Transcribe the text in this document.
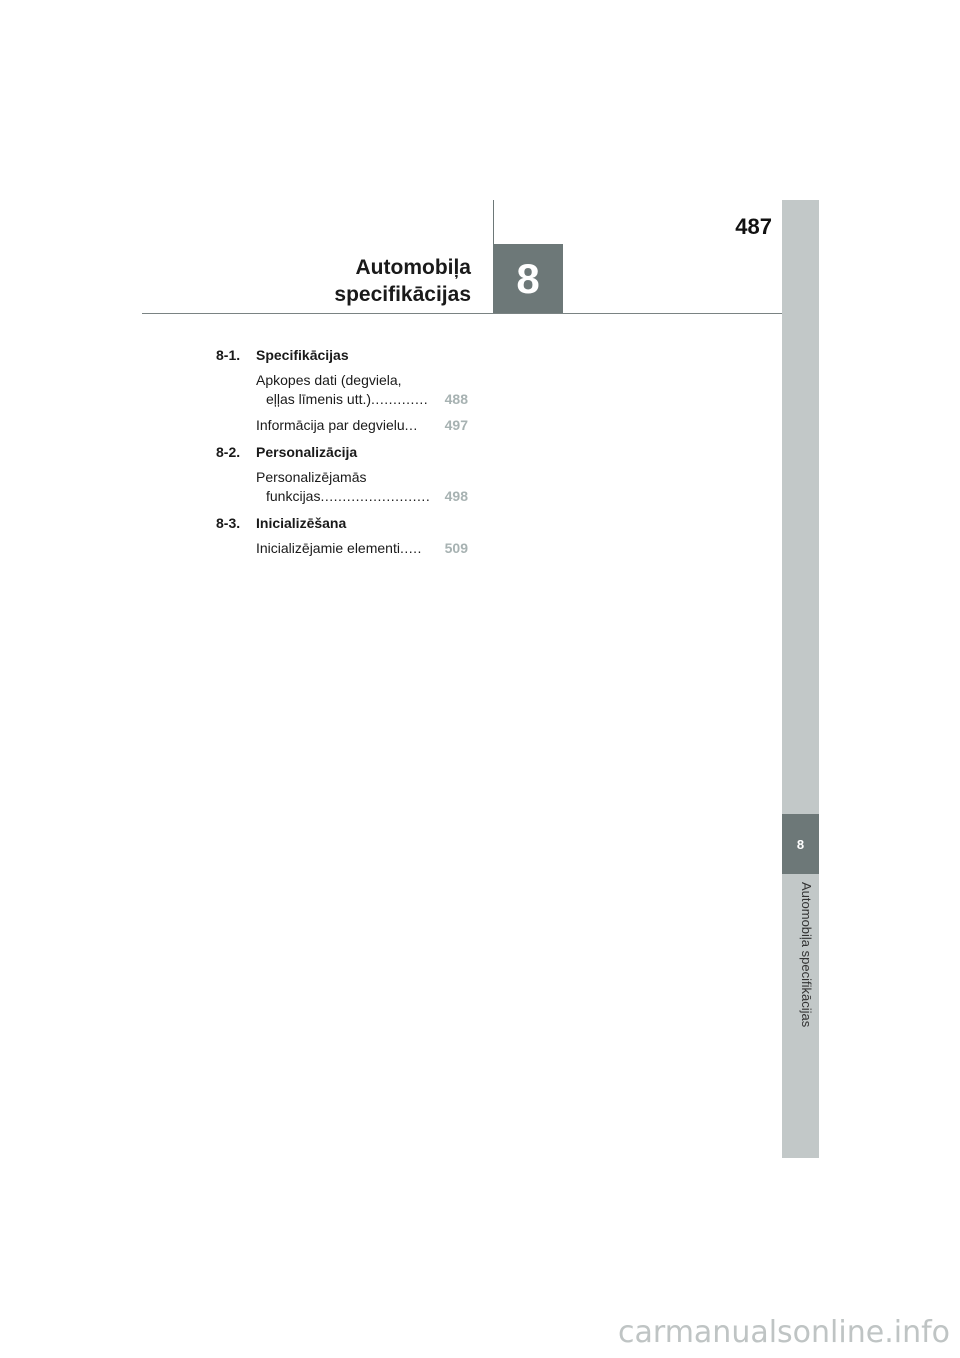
8
Automobiļa specifikācijas
487
Automobiļa
specifikācijas	8
8-1.	Specifikācijas
Apkopes dati (degviela,
eļļas līmenis utt.) .............	488
Informācija par degvielu ...	497
8-2.	Personalizācija
Personalizējamās
funkcijas .........................	498
8-3.	Inicializēšana
Inicializējamie elementi .....	509
carmanualsonline.info
